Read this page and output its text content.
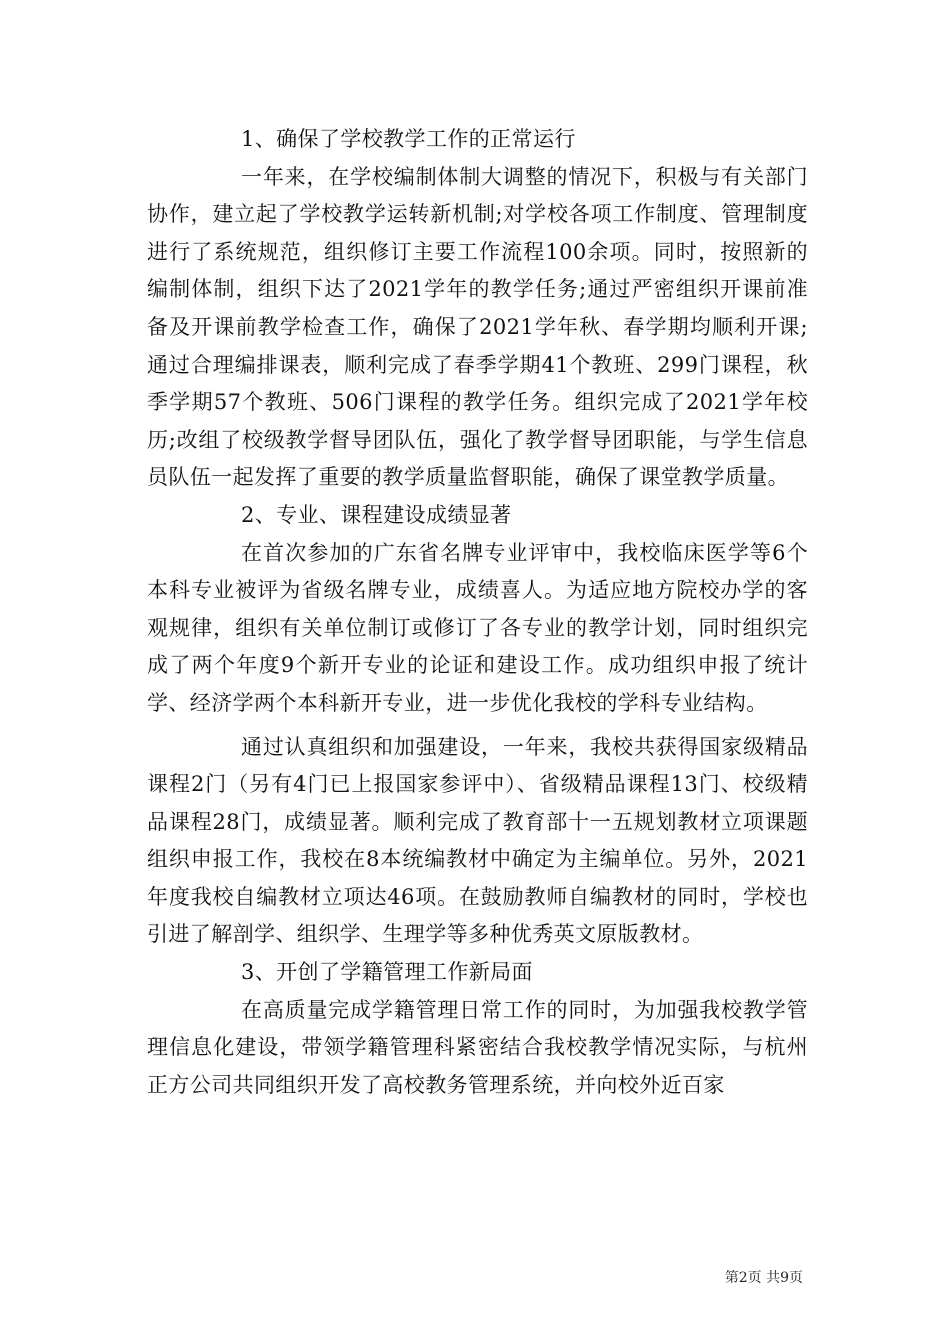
1、确保了学校教学工作的正常运行

一年来，在学校编制体制大调整的情况下，积极与有关部门协作，建立起了学校教学运转新机制;对学校各项工作制度、管理制度进行了系统规范，组织修订主要工作流程100余项。同时，按照新的编制体制，组织下达了2021学年的教学任务;通过严密组织开课前准备及开课前教学检查工作，确保了2021学年秋、春学期均顺利开课;通过合理编排课表，顺利完成了春季学期41个教班、299门课程，秋季学期57个教班、506门课程的教学任务。组织完成了2021学年校历;改组了校级教学督导团队伍，强化了教学督导团职能，与学生信息员队伍一起发挥了重要的教学质量监督职能，确保了课堂教学质量。

2、专业、课程建设成绩显著

在首次参加的广东省名牌专业评审中，我校临床医学等6个本科专业被评为省级名牌专业，成绩喜人。为适应地方院校办学的客观规律，组织有关单位制订或修订了各专业的教学计划，同时组织完成了两个年度9个新开专业的论证和建设工作。成功组织申报了统计学、经济学两个本科新开专业，进一步优化我校的学科专业结构。

通过认真组织和加强建设，一年来，我校共获得国家级精品课程2门（另有4门已上报国家参评中）、省级精品课程13门、校级精品课程28门，成绩显著。顺利完成了教育部十一五规划教材立项课题组织申报工作，我校在8本统编教材中确定为主编单位。另外，2021年度我校自编教材立项达46项。在鼓励教师自编教材的同时，学校也引进了解剖学、组织学、生理学等多种优秀英文原版教材。

3、开创了学籍管理工作新局面

在高质量完成学籍管理日常工作的同时，为加强我校教学管理信息化建设，带领学籍管理科紧密结合我校教学情况实际，与杭州正方公司共同组织开发了高校教务管理系统，并向校外近百家

第2页 共9页
